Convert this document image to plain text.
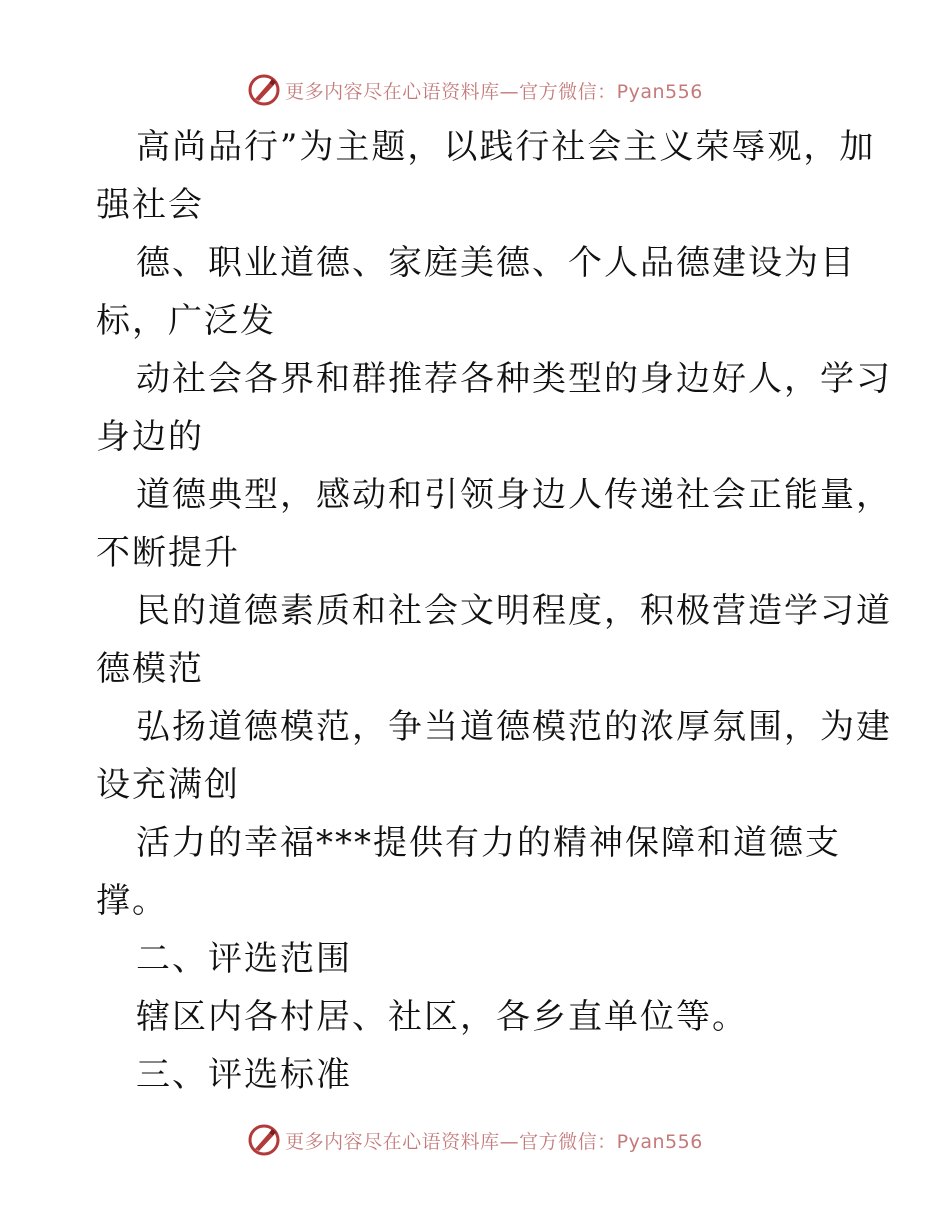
更多内容尽在心语资料库—官方微信：Pyan556
高尚品行”为主题，以践行社会主义荣辱观，加
强社会
德、职业道德、家庭美德、个人品德建设为目
标，广泛发
动社会各界和群推荐各种类型的身边好人，学习
身边的
道德典型，感动和引领身边人传递社会正能量，
不断提升
民的道德素质和社会文明程度，积极营造学习道
德模范
弘扬道德模范，争当道德模范的浓厚氛围，为建
设充满创
活力的幸福***提供有力的精神保障和道德支
撑。
二、评选范围
辖区内各村居、社区，各乡直单位等。
三、评选标准
更多内容尽在心语资料库—官方微信：Pyan556
